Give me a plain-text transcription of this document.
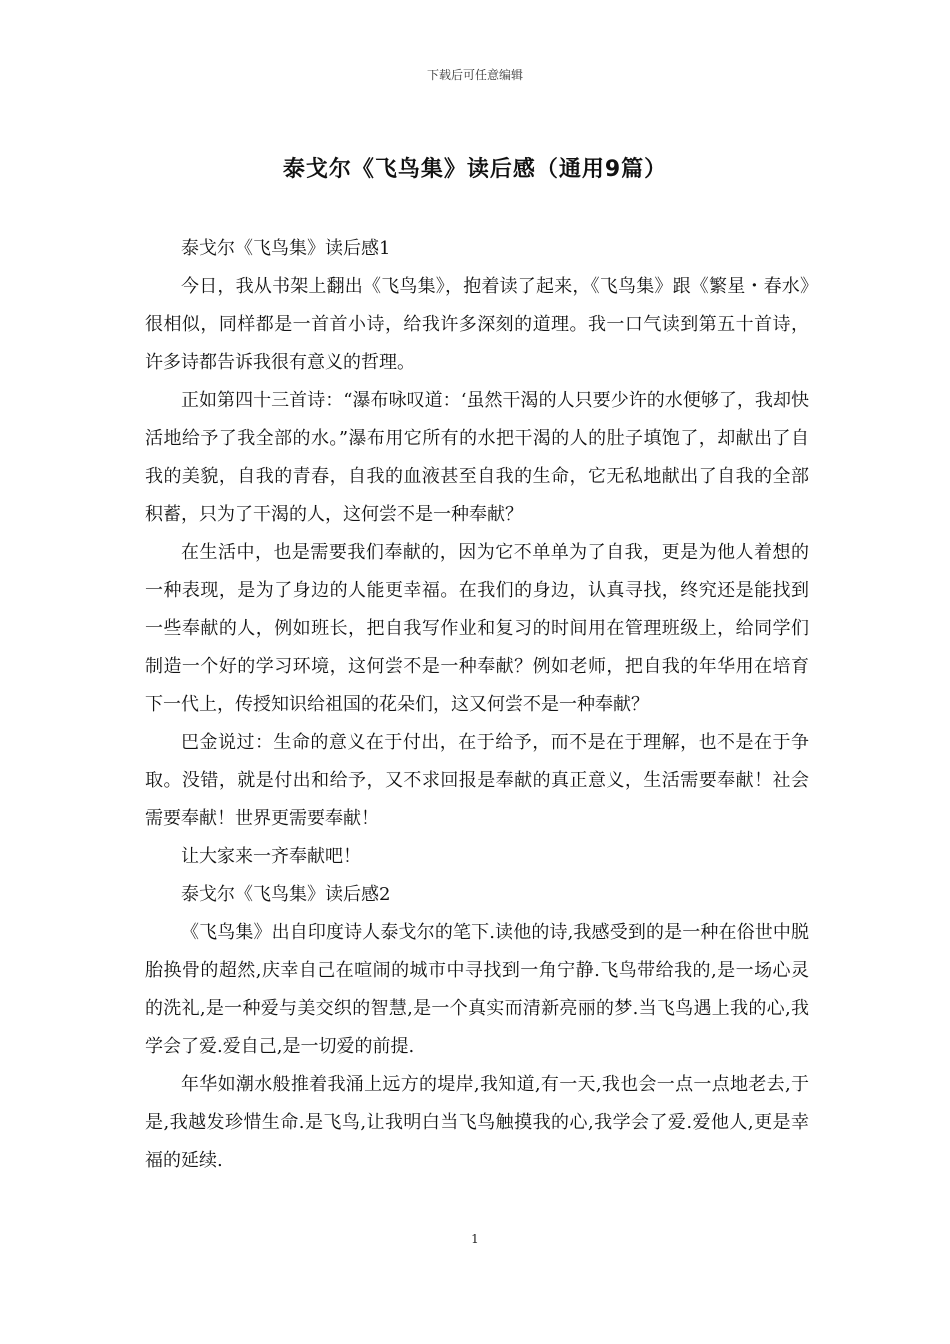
下载后可任意编辑
泰戈尔《飞鸟集》读后感（通用9篇）

泰戈尔《飞鸟集》读后感1

今日，我从书架上翻出《飞鸟集》，抱着读了起来，《飞鸟集》跟《繁星・春水》很相似，同样都是一首首小诗，给我许多深刻的道理。我一口气读到第五十首诗，许多诗都告诉我很有意义的哲理。

正如第四十三首诗：“瀑布咏叹道：‘虽然干渴的人只要少许的水便够了，我却快活地给予了我全部的水。”瀑布用它所有的水把干渴的人的肚子填饱了，却献出了自我的美貌，自我的青春，自我的血液甚至自我的生命，它无私地献出了自我的全部积蓄，只为了干渴的人，这何尝不是一种奉献？

在生活中，也是需要我们奉献的，因为它不单单为了自我，更是为他人着想的一种表现，是为了身边的人能更幸福。在我们的身边，认真寻找，终究还是能找到一些奉献的人，例如班长，把自我写作业和复习的时间用在管理班级上，给同学们制造一个好的学习环境，这何尝不是一种奉献？例如老师，把自我的年华用在培育下一代上，传授知识给祖国的花朵们，这又何尝不是一种奉献？

巴金说过：生命的意义在于付出，在于给予，而不是在于理解，也不是在于争取。没错，就是付出和给予，又不求回报是奉献的真正意义，生活需要奉献！社会需要奉献！世界更需要奉献！

让大家来一齐奉献吧！

泰戈尔《飞鸟集》读后感2

《飞鸟集》出自印度诗人泰戈尔的笔下.读他的诗,我感受到的是一种在俗世中脱胎换骨的超然,庆幸自己在喧闹的城市中寻找到一角宁静.飞鸟带给我的,是一场心灵的洗礼,是一种爱与美交织的智慧,是一个真实而清新亮丽的梦.当飞鸟遇上我的心,我学会了爱.爱自己,是一切爱的前提.

年华如潮水般推着我涌上远方的堤岸,我知道,有一天,我也会一点一点地老去,于是,我越发珍惜生命.是飞鸟,让我明白当飞鸟触摸我的心,我学会了爱.爱他人,更是幸福的延续.

1
